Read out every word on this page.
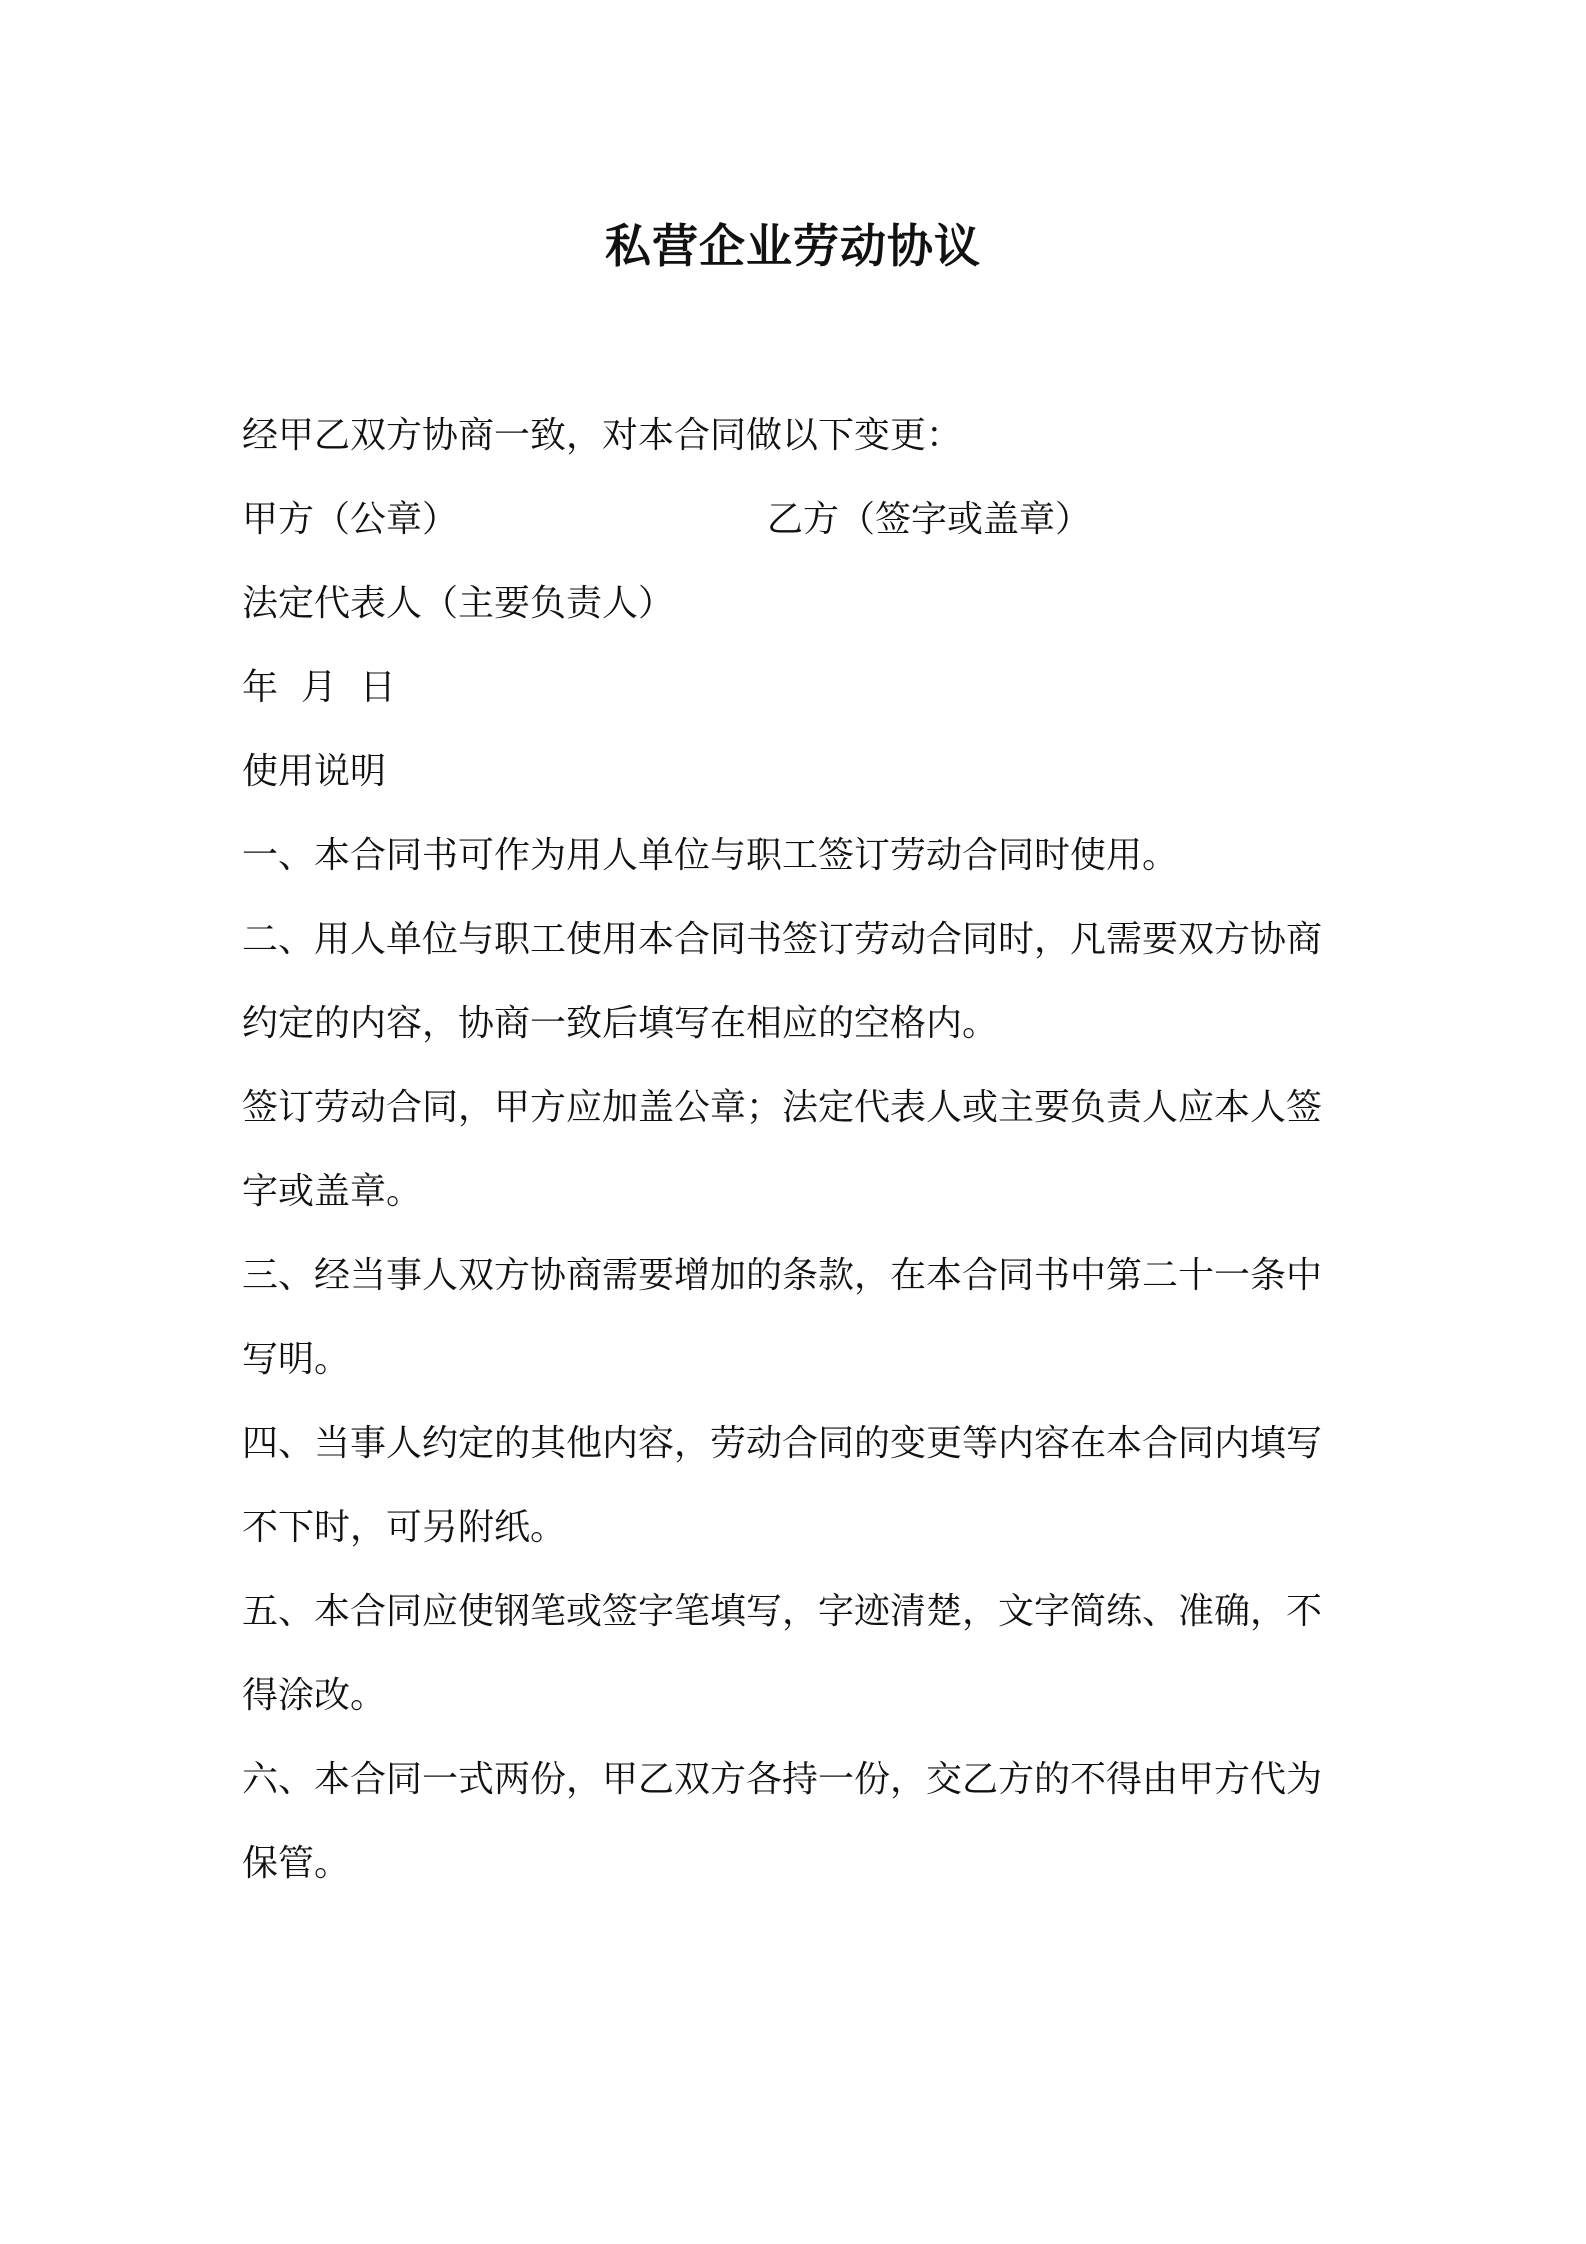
私营企业劳动协议
经甲乙双方协商一致，对本合同做以下变更：
甲方（公章）	乙方（签字或盖章）
法定代表人（主要负责人）
年  月  日
使用说明
一、本合同书可作为用人单位与职工签订劳动合同时使用。
二、用人单位与职工使用本合同书签订劳动合同时，凡需要双方协商
约定的内容，协商一致后填写在相应的空格内。
签订劳动合同，甲方应加盖公章；法定代表人或主要负责人应本人签
字或盖章。
三、经当事人双方协商需要增加的条款，在本合同书中第二十一条中
写明。
四、当事人约定的其他内容，劳动合同的变更等内容在本合同内填写
不下时，可另附纸。
五、本合同应使钢笔或签字笔填写，字迹清楚，文字简练、准确，不
得涂改。
六、本合同一式两份，甲乙双方各持一份，交乙方的不得由甲方代为
保管。
